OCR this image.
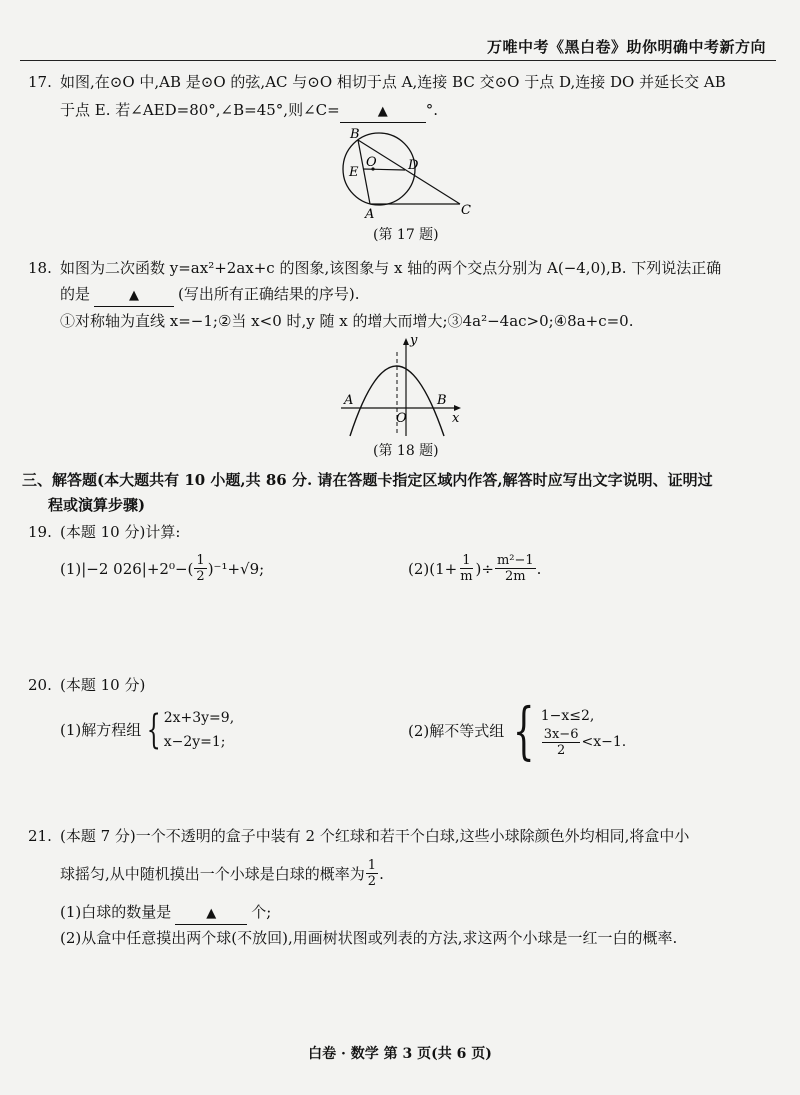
万唯中考《黑白卷》助你明确中考新方向
17. 如图,在⊙O 中,AB 是⊙O 的弦,AC 与⊙O 相切于点 A,连接 BC 交⊙O 于点 D,连接 DO 并延长交 AB
于点 E. 若∠AED=80°,∠B=45°,则∠C=	▲	°.
B
O D
E
A	C
(第 17 题)
18. 如图为二次函数 y=ax²+2ax+c 的图象,该图象与 x 轴的两个交点分别为 A(−4,0),B. 下列说法正确
的是	▲	(写出所有正确结果的序号).
①对称轴为直线 x=−1;②当 x<0 时,y 随 x 的增大而增大;③4a²−4ac>0;④8a+c=0.
y
x
A	B
O
(第 18 题)
三、解答题(本大题共有 10 小题,共 86 分. 请在答题卡指定区域内作答,解答时应写出文字说明、证明过
程或演算步骤)
19. (本题 10 分)计算:
(1)|−2 $026|+2^0-( \frac{1}{2} )^{-1}+√9$;	$(2)(1+ \frac{1}{m}$ )÷ $\frac{\text{m²−1}}{2m}$ .
20. (本题 10 分)
(1)解方程组 { 2x+3y=9,
x−2y=1;
(2)解不等式组 { 1−x≤2,
$\frac{3x-6}{2} <x-1$.
21. (本题 7 分)一个不透明的盒子中装有 2 个红球和若干个白球,这些小球除颜色外均相同,将盒中小
球摇匀,从中随机摸出一个小球是白球的概率为 $\frac{1}{2}$ .
(1)白球的数量是	▲ 个;
(2)从盒中任意摸出两个球(不放回),用画树状图或列表的方法,求这两个小球是一红一白的概率.
白卷 · 数学 第 3 页(共 6 页)
